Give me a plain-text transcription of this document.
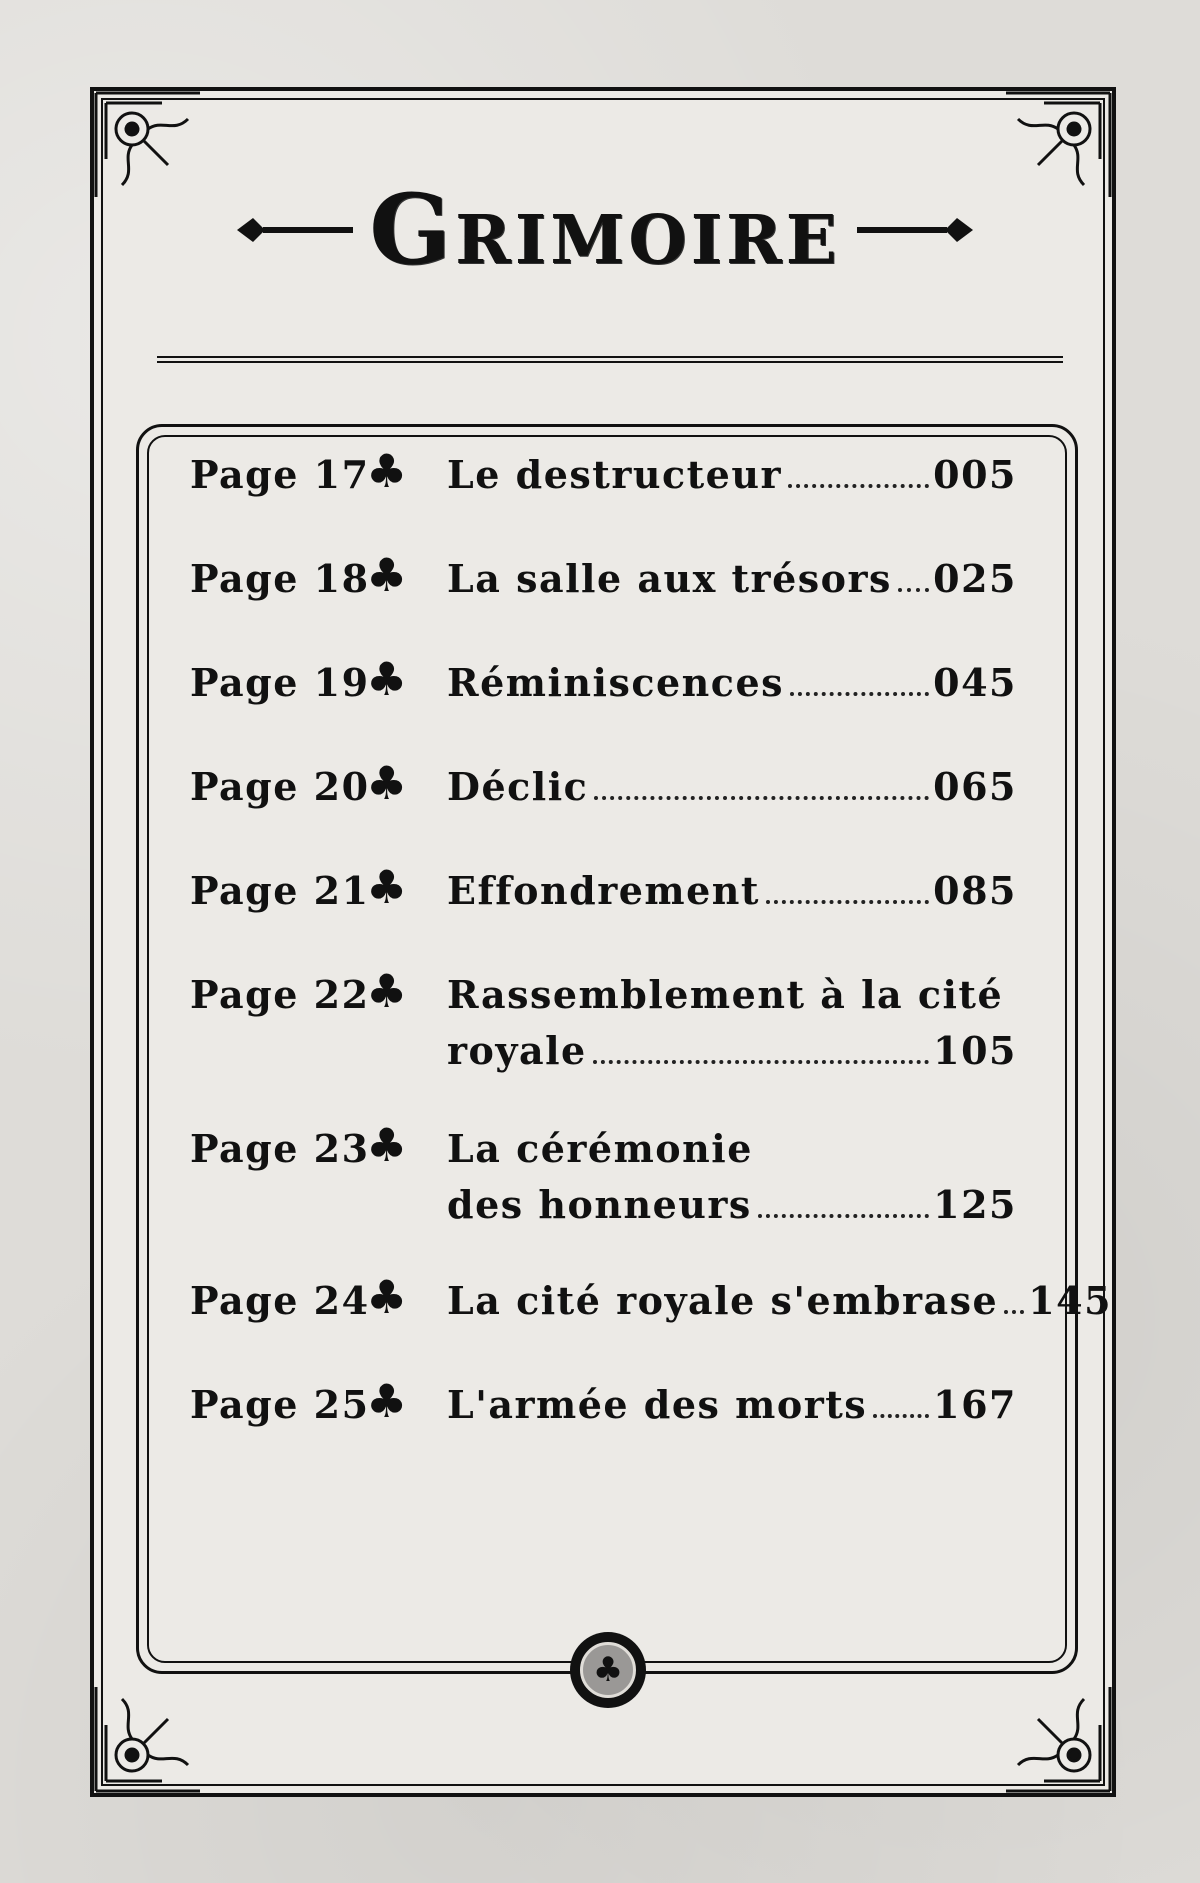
Grimoire
♣
Page 17
♣ Le destructeur	005
Page 18
♣ La salle aux trésors 025
Page 19
♣ Réminiscences	045
Page 20
♣ Déclic	065
Page 21
♣ Effondrement	085
Page 22
♣ Rassemblement à la cité
royale	105
Page 23
♣ La cérémonie
des honneurs	125
Page 24
♣ La cité royale s'embrase 145
Page 25
♣ L'armée des morts 167
